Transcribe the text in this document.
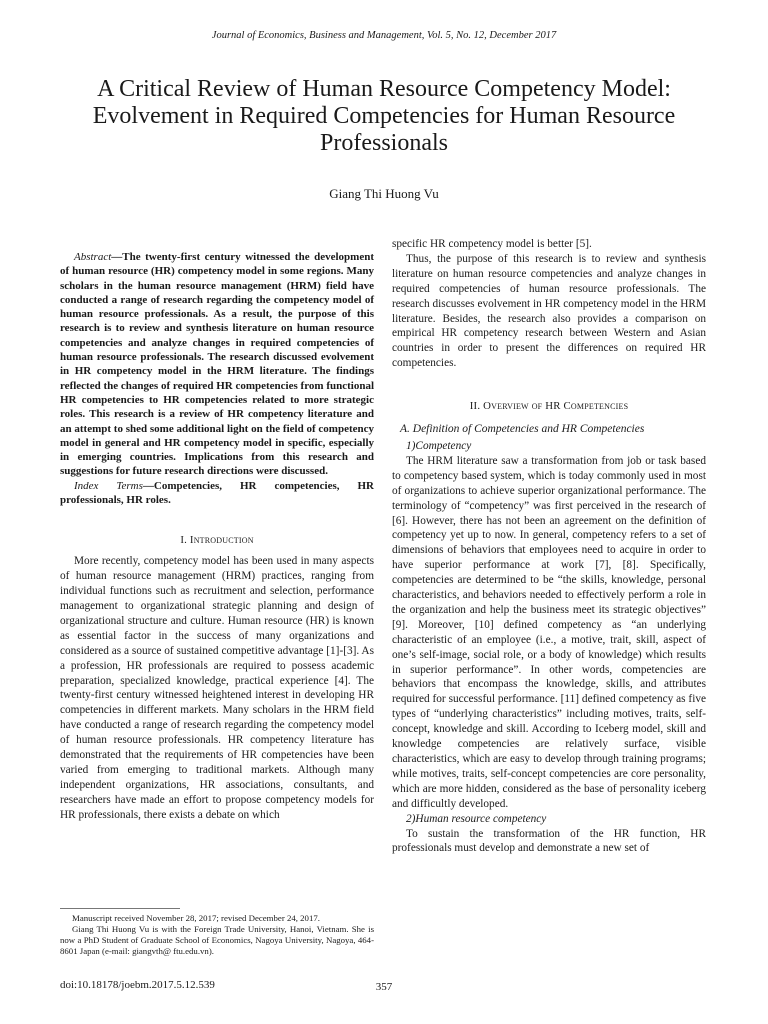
Journal of Economics, Business and Management, Vol. 5, No. 12, December 2017
A Critical Review of Human Resource Competency Model: Evolvement in Required Competencies for Human Resource Professionals
Giang Thi Huong Vu

Abstract—The twenty-first century witnessed the development of human resource (HR) competency model in some regions. Many scholars in the human resource management (HRM) field have conducted a range of research regarding the competency model of human resource professionals. As a result, the purpose of this research is to review and synthesis literature on human resource competencies and analyze changes in required competencies of human resource professionals. The research discussed evolvement in HR competency model in the HRM literature. The findings reflected the changes of required HR competencies from functional HR competencies to HR competencies related to more strategic roles. This research is a review of HR competency literature and an attempt to shed some additional light on the field of competency model in general and HR competency model in specific, especially in emerging countries. Implications from this research and suggestions for future research directions were discussed.

Index Terms—Competencies, HR competencies, HR professionals, HR roles.

I. Introduction

More recently, competency model has been used in many aspects of human resource management (HRM) practices, ranging from individual functions such as recruitment and selection, performance management to organizational strategic planning and design of organizational structure and culture. Human resource (HR) is known as essential factor in the success of many organizations and considered as a source of sustained competitive advantage [1]-[3]. As a profession, HR professionals are required to possess academic preparation, specialized knowledge, practical experience [4]. The twenty-first century witnessed heightened interest in developing HR competencies in different markets. Many scholars in the HRM field have conducted a range of research regarding the competency model of human resource professionals. HR competency literature has demonstrated that the requirements of HR competencies have been varied from emerging to traditional markets. Although many independent organizations, HR associations, consultants, and researchers have made an effort to propose competency models for HR professionals, there exists a debate on which

specific HR competency model is better [5].

Thus, the purpose of this research is to review and synthesis literature on human resource competencies and analyze changes in required competencies of human resource professionals. The research discusses evolvement in HR competency model in the HRM literature. Besides, the research also provides a comparison on empirical HR competency research between Western and Asian countries in order to present the differences on required HR competencies.

II. Overview of HR Competencies
A. Definition of Competencies and HR Competencies
1)Competency

The HRM literature saw a transformation from job or task based to competency based system, which is today commonly used in most of organizations to achieve superior organizational performance. The terminology of “competency” was first perceived in the research of [6]. However, there has not been an agreement on the definition of competency yet up to now. In general, competency refers to a set of dimensions of behaviors that employees need to acquire in order to have superior performance at work [7], [8]. Specifically, competencies are determined to be “the skills, knowledge, personal characteristics, and behaviors needed to effectively perform a role in the organization and help the business meet its strategic objectives” [9]. Moreover, [10] defined competency as “an underlying characteristic of an employee (i.e., a motive, trait, skill, aspect of one’s self-image, social role, or a body of knowledge) which results in superior performance”. In other words, competencies are behaviors that encompass the knowledge, skills, and attributes required for successful performance. [11] defined competency as five types of “underlying characteristics” including motives, traits, self-concept, knowledge and skill. According to Iceberg model, skill and knowledge competencies are relatively surface, visible characteristics, which are easy to develop through training programs; while motives, traits, self-concept competencies are core personality, which are more hidden, considered as the base of personality iceberg and difficultly developed.

2)Human resource competency

To sustain the transformation of the HR function, HR professionals must develop and demonstrate a new set of

Manuscript received November 28, 2017; revised December 24, 2017.

Giang Thi Huong Vu is with the Foreign Trade University, Hanoi, Vietnam. She is now a PhD Student of Graduate School of Economics, Nagoya University, Nagoya, 464-8601 Japan (e-mail: giangvth@ ftu.edu.vn).

doi:10.18178/joebm.2017.5.12.539	357
